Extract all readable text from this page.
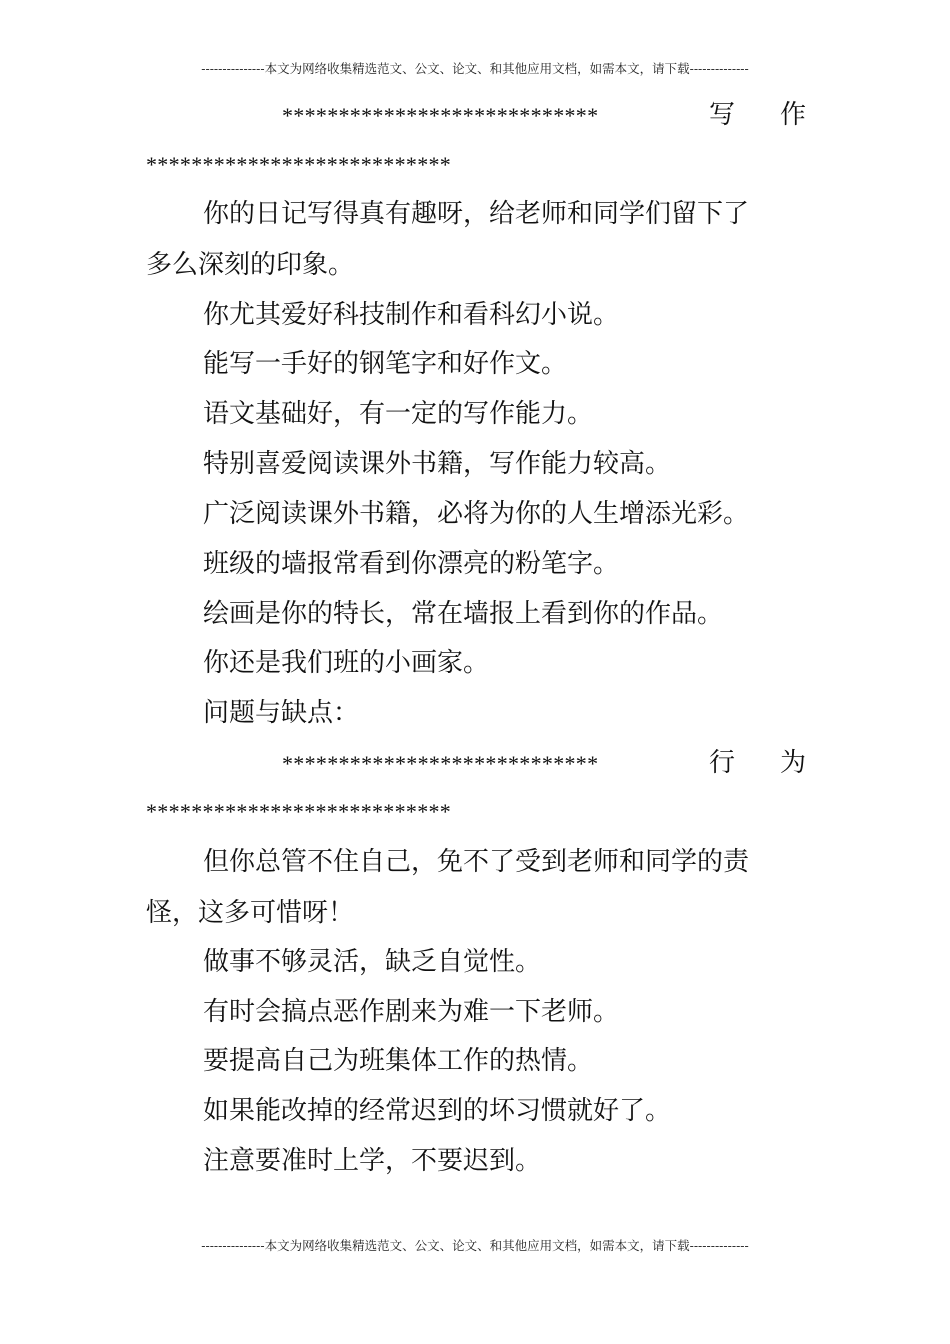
---------------本文为网络收集精选范文、公文、论文、和其他应用文档，如需本文，请下载--------------
****************************	写 作
***************************
你的日记写得真有趣呀，给老师和同学们留下了
多么深刻的印象。
你尤其爱好科技制作和看科幻小说。
能写一手好的钢笔字和好作文。
语文基础好，有一定的写作能力。
特别喜爱阅读课外书籍，写作能力较高。
广泛阅读课外书籍，必将为你的人生增添光彩。
班级的墙报常看到你漂亮的粉笔字。
绘画是你的特长，常在墙报上看到你的作品。
你还是我们班的小画家。
问题与缺点：
****************************	行 为
***************************
但你总管不住自己，免不了受到老师和同学的责
怪，这多可惜呀！
做事不够灵活，缺乏自觉性。
有时会搞点恶作剧来为难一下老师。
要提高自己为班集体工作的热情。
如果能改掉的经常迟到的坏习惯就好了。
注意要准时上学，不要迟到。
---------------本文为网络收集精选范文、公文、论文、和其他应用文档，如需本文，请下载--------------
